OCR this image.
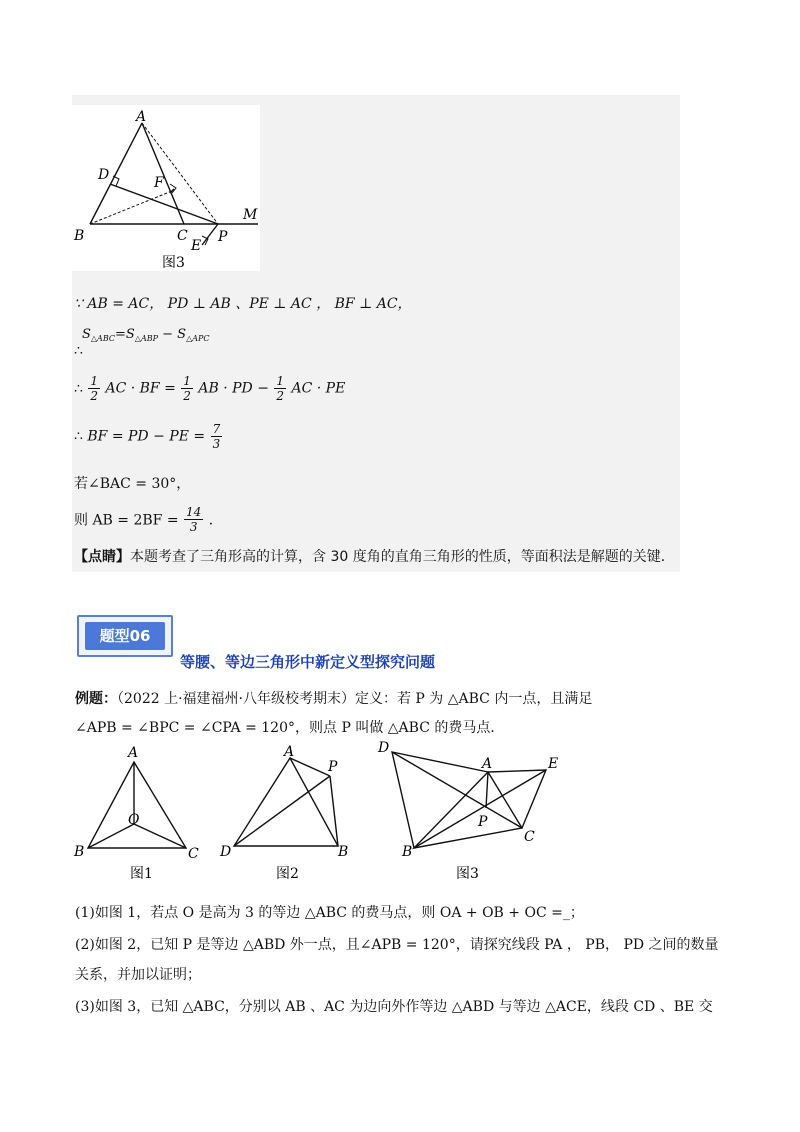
A
D	F
B	C
E
P
M
图3
∵ AB = AC， PD ⊥ AB 、PE ⊥ AC ， BF ⊥ AC，
∴
$S_{\triangle ABC}=S_{\triangle ABP} - S_{\triangle APC}$
∴ $\frac{1}{2}$ AC · BF = $\frac{1}{2}$ AB · PD − $\frac{1}{2}$ AC · PE
∴ BF = PD − PE = $\frac{7}{3}$
若∠BAC = 30°，
则 AB = $2BF = \frac{14}{3}$ ．
【点睛】本题考查了三角形高的计算，含 30 度角的直角三角形的性质，等面积法是解题的关键．
题型06
等腰、等边三角形中新定义型探究问题
例题：（2022 上·福建福州·八年级校考期末）定义：若 P 为 △ABC 内一点，且满足
∠APB = ∠BPC = ∠CPA = 120°，则点 P 叫做 △ABC 的费马点．
A
O
B	C
图1
A
P
D	B
图2
D
A	E
P
C
B
图3
(1)如图 1，若点 O 是高为 3 的等边 △ABC 的费马点，则 OA + OB + OC =_；
(2)如图 2，已知 P 是等边 △ABD 外一点，且∠APB = 120°，请探究线段 PA ， PB， PD 之间的数量
关系，并加以证明；
(3)如图 3，已知 △ABC，分别以 AB 、AC 为边向外作等边 △ABD 与等边 △ACE，线段 CD 、BE 交
